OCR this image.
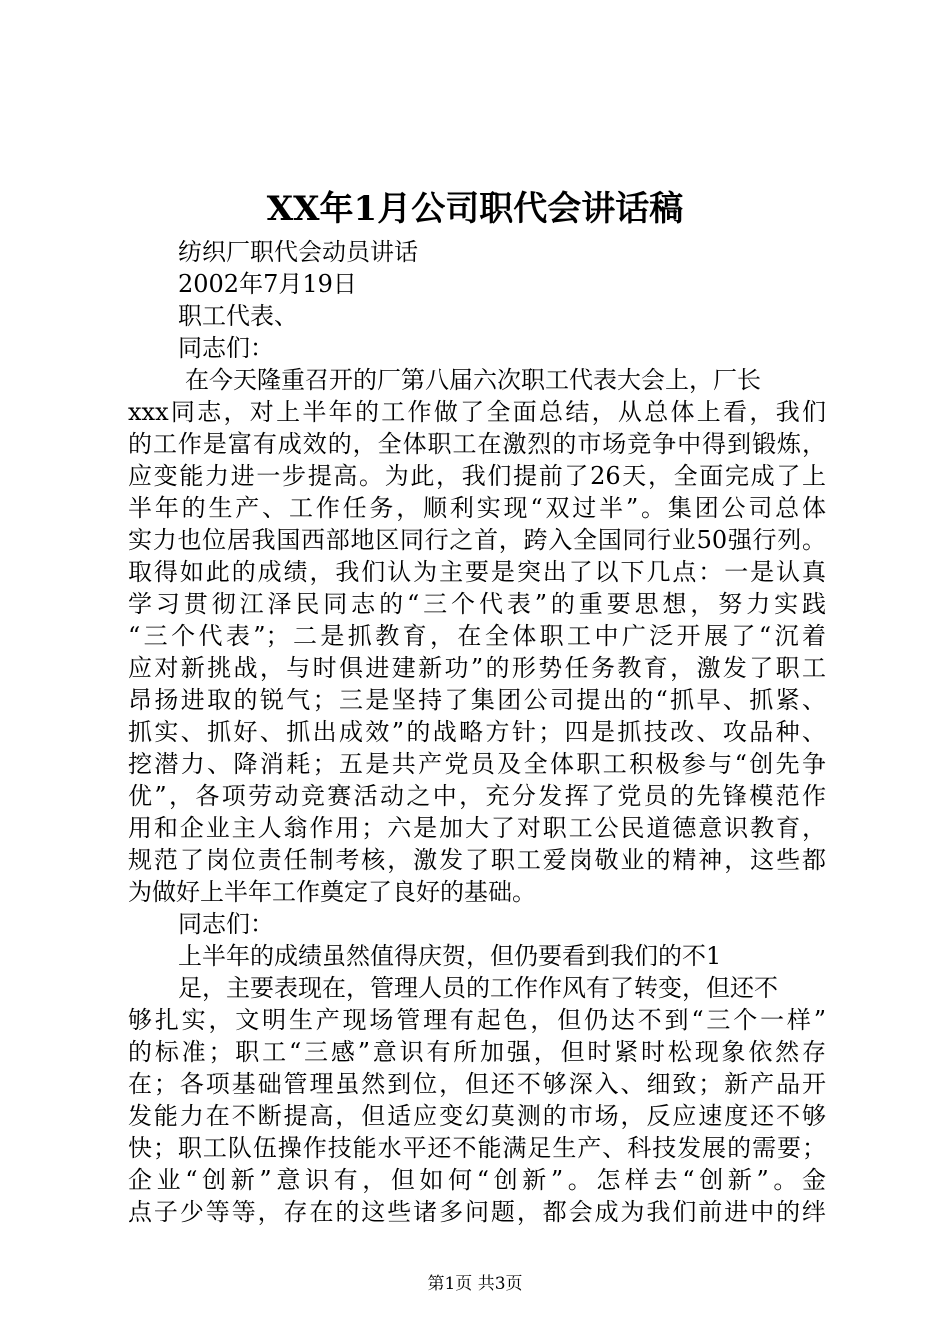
XX年1月公司职代会讲话稿
纺织厂职代会动员讲话
2002年7月19日
职工代表、
同志们：
在今天隆重召开的厂第八届六次职工代表大会上，厂长
xxx同志，对上半年的工作做了全面总结，从总体上看，我们
的工作是富有成效的，全体职工在激烈的市场竞争中得到锻炼，
应变能力进一步提高。为此，我们提前了26天，全面完成了上
半年的生产、工作任务，顺利实现“双过半”。集团公司总体
实力也位居我国西部地区同行之首，跨入全国同行业50强行列。
取得如此的成绩，我们认为主要是突出了以下几点：一是认真
学习贯彻江泽民同志的“三个代表”的重要思想，努力实践
“三个代表”；二是抓教育，在全体职工中广泛开展了“沉着
应对新挑战，与时俱进建新功”的形势任务教育，激发了职工
昂扬进取的锐气；三是坚持了集团公司提出的“抓早、抓紧、
抓实、抓好、抓出成效”的战略方针；四是抓技改、攻品种、
挖潜力、降消耗；五是共产党员及全体职工积极参与“创先争
优”，各项劳动竞赛活动之中，充分发挥了党员的先锋模范作
用和企业主人翁作用；六是加大了对职工公民道德意识教育，
规范了岗位责任制考核，激发了职工爱岗敬业的精神，这些都
为做好上半年工作奠定了良好的基础。
同志们：
上半年的成绩虽然值得庆贺，但仍要看到我们的不1
足，主要表现在，管理人员的工作作风有了转变，但还不
够扎实，文明生产现场管理有起色，但仍达不到“三个一样”
的标准；职工“三感”意识有所加强，但时紧时松现象依然存
在；各项基础管理虽然到位，但还不够深入、细致；新产品开
发能力在不断提高，但适应变幻莫测的市场，反应速度还不够
快；职工队伍操作技能水平还不能满足生产、科技发展的需要；
企业“创新”意识有，但如何“创新”。怎样去“创新”。金
点子少等等，存在的这些诸多问题，都会成为我们前进中的绊
第1页 共3页
